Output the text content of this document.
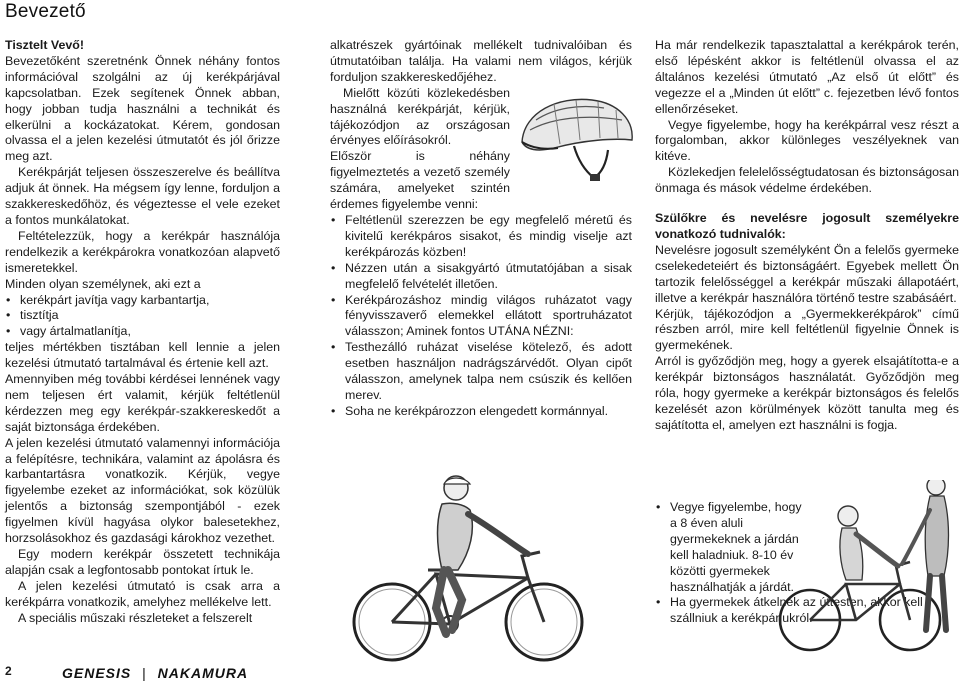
Bevezető

Tisztelt Vevő!

Bevezetőként szeretnénk Önnek néhány fontos információval szolgálni az új kerékpárjával kapcsolatban. Ezek segítenek Önnek abban, hogy jobban tudja használni a technikát és elkerülni a kockázatokat. Kérem, gondosan olvassa el a jelen kezelési útmutatót és jól őrizze meg azt.

Kerékpárját teljesen összeszerelve és beállítva adjuk át önnek. Ha mégsem így lenne, forduljon a szakkereskedőhöz, és végeztesse el vele ezeket a fontos munkálatokat.

Feltételezzük, hogy a kerékpár használója rendelkezik a kerékpárokra vonatkozóan alapvető ismeretekkel.

Minden olyan személynek, aki ezt a

• kerékpárt javítja vagy karbantartja,
• tisztítja
• vagy ártalmatlanítja,

teljes mértékben tisztában kell lennie a jelen kezelési útmutató tartalmával és értenie kell azt.

Amennyiben még további kérdései lennének vagy nem teljesen ért valamit, kérjük feltétlenül kérdezzen meg egy kerékpár-szakkereskedőt a saját biztonsága érdekében.

A jelen kezelési útmutató valamennyi információja a felépítésre, technikára, valamint az ápolásra és karbantartásra vonatkozik. Kérjük, vegye figyelembe ezeket az információkat, sok közülük jelentős a biztonság szempontjából - ezek figyelmen kívül hagyása olykor balesetekhez, horzsolásokhoz és gazdasági károkhoz vezethet.

Egy modern kerékpár összetett technikája alapján csak a legfontosabb pontokat írtuk le.

A jelen kezelési útmutató is csak arra a kerékpárra vonatkozik, amelyhez mellékelve lett.

A speciális műszaki részleteket a felszerelt

alkatrészek gyártóinak mellékelt tudnivalóiban és útmutatóiban találja. Ha valami nem világos, kérjük forduljon szakkereskedőjéhez.

Mielőtt közúti közlekedésben használná kerékpárját, kérjük, tájékozódjon az országosan érvényes előírásokról.

Először is néhány figyelmeztetés a vezető személy számára, amelyeket szintén érdemes figyelembe venni:

• Feltétlenül szerezzen be egy megfelelő méretű és kivitelű kerékpáros sisakot, és mindig viselje azt kerékpározás közben!
• Nézzen után a sisakgyártó útmutatójában a sisak megfelelő felvételét illetően.
• Kerékpározáshoz mindig világos ruházatot vagy fényvisszaverő elemekkel ellátott sportruházatot válasszon; Aminek fontos UTÁNA NÉZNI:
• Testhezálló ruházat viselése kötelező, és adott esetben használjon nadrágszárvédőt. Olyan cipőt válasszon, amelynek talpa nem csúszik és kellően merev.
• Soha ne kerékpározzon elengedett kormánnyal.

Ha már rendelkezik tapasztalattal a kerékpárok terén, első lépésként akkor is feltétlenül olvassa el az általános kezelési útmutató „Az első út előtt” és vegezze el a „Minden út előtt” c. fejezetben lévő fontos ellenőrzéseket.

Vegye figyelembe, hogy ha kerékpárral vesz részt a forgalomban, akkor különleges veszélyeknek van kitéve.

Közlekedjen felelelősségtudatosan és biztonságosan önmaga és mások védelme érdekében.

Szülőkre és nevelésre jogosult személyekre vonatkozó tudnivalók:

Nevelésre jogosult személyként Ön a felelős gyermeke cselekedeteiért és biztonságáért. Egyebek mellett Ön tartozik felelősséggel a kerékpár műszaki állapotáért, illetve a kerékpár használóra történő testre szabásáért.

Kérjük, tájékozódjon a „Gyermekkerékpárok” című részben arról, mire kell feltétlenül figyelnie Önnek is gyermekének.

Arról is győződjön meg, hogy a gyerek elsajátította-e a kerékpár biztonságos használatát. Győződjön meg róla, hogy gyermeke a kerékpár biztonságos és felelős kezelését azon körülmények között tanulta meg és sajátította el, amelyen ezt használni is fogja.

• Vegye figyelembe, hogy a 8 éven aluli gyermekeknek a járdán kell haladniuk. 8-10 év közötti gyermekek használhatják a járdát.
• Ha gyermekek átkelnek az úttesten, akkor kell szállniuk a kerékpárjukról.
2	GENESIS | NAKAMURA
